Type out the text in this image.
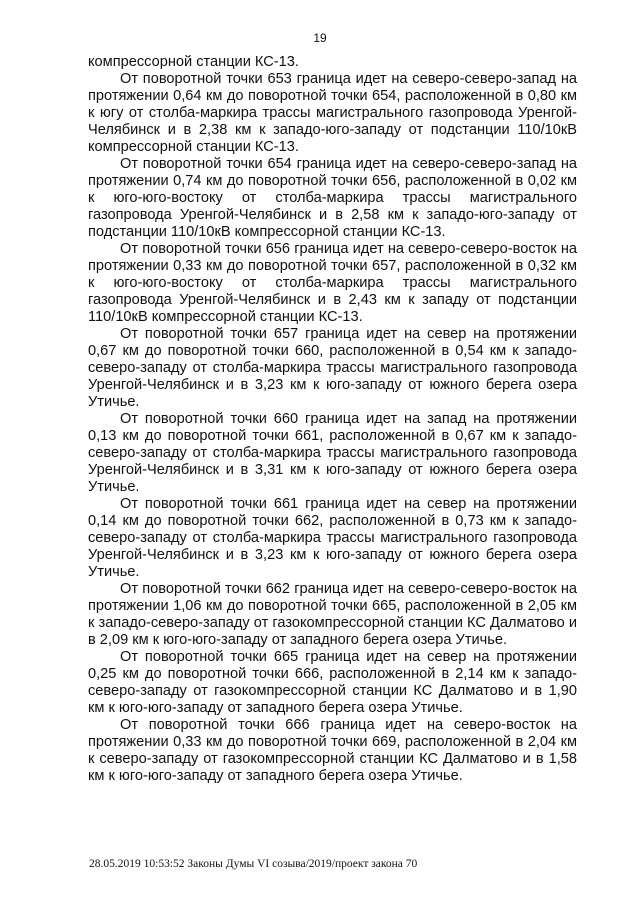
19

компрессорной станции КС-13.

От поворотной точки 653 граница идет на северо-северо-запад на протяжении 0,64 км до поворотной точки 654, расположенной в 0,80 км к югу от столба-маркира трассы магистрального газопровода Уренгой-Челябинск и в 2,38 км к западо-юго-западу от подстанции 110/10кВ компрессорной станции КС-13.

От поворотной точки 654 граница идет на северо-северо-запад на протяжении 0,74 км до поворотной точки 656, расположенной в 0,02 км к юго-юго-востоку от столба-маркира трассы магистрального газопровода Уренгой-Челябинск и в 2,58 км к западо-юго-западу от подстанции 110/10кВ компрессорной станции КС-13.

От поворотной точки 656 граница идет на северо-северо-восток на протяжении 0,33 км до поворотной точки 657, расположенной в 0,32 км к юго-юго-востоку от столба-маркира трассы магистрального газопровода Уренгой-Челябинск и в 2,43 км к западу от подстанции 110/10кВ компрессорной станции КС-13.

От поворотной точки 657 граница идет на север на протяжении 0,67 км до поворотной точки 660, расположенной в 0,54 км к западо-северо-западу от столба-маркира трассы магистрального газопровода Уренгой-Челябинск и в 3,23 км к юго-западу от южного берега озера Утичье.

От поворотной точки 660 граница идет на запад на протяжении 0,13 км до поворотной точки 661, расположенной в 0,67 км к западо-северо-западу от столба-маркира трассы магистрального газопровода Уренгой-Челябинск и в 3,31 км к юго-западу от южного берега озера Утичье.

От поворотной точки 661 граница идет на север на протяжении 0,14 км до поворотной точки 662, расположенной в 0,73 км к западо-северо-западу от столба-маркира трассы магистрального газопровода Уренгой-Челябинск и в 3,23 км к юго-западу от южного берега озера Утичье.

От поворотной точки 662 граница идет на северо-северо-восток на протяжении 1,06 км до поворотной точки 665, расположенной в 2,05 км к западо-северо-западу от газокомпрессорной станции КС Далматово и в 2,09 км к юго-юго-западу от западного берега озера Утичье.

От поворотной точки 665 граница идет на север на протяжении 0,25 км до поворотной точки 666, расположенной в 2,14 км к западо-северо-западу от газокомпрессорной станции КС Далматово и в 1,90 км к юго-юго-западу от западного берега озера Утичье.

От поворотной точки 666 граница идет на северо-восток на протяжении 0,33 км до поворотной точки 669, расположенной в 2,04 км к северо-западу от газокомпрессорной станции КС Далматово и в 1,58 км к юго-юго-западу от западного берега озера Утичье.

28.05.2019 10:53:52 Законы Думы VI созыва/2019/проект закона 70
